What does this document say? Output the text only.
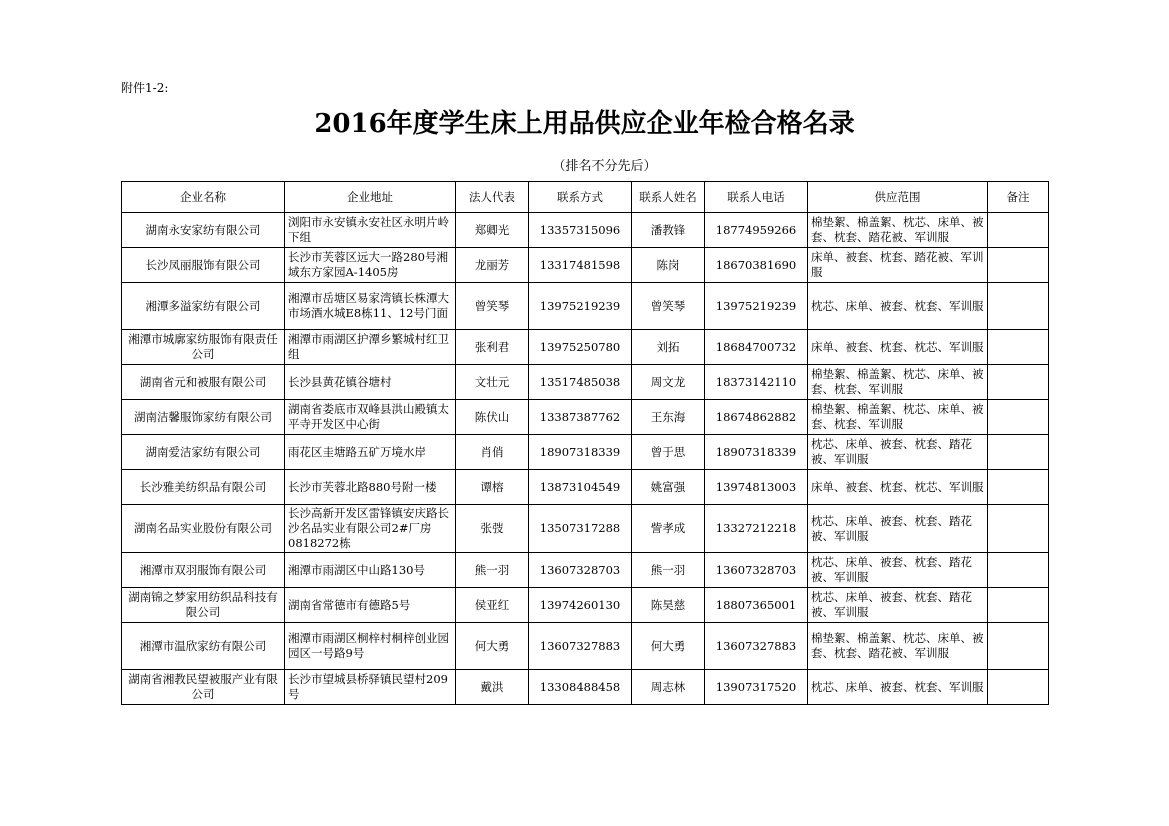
附件1-2:
2016年度学生床上用品供应企业年检合格名录
（排名不分先后）
企业名称	企业地址	法人代表	联系方式	联系人姓名	联系人电话	供应范围	备注
湖南永安家纺有限公司	浏阳市永安镇永安社区永明片岭下组	郑卿光	13357315096	潘教锋	18774959266	棉垫絮、棉盖絮、枕芯、床单、被套、枕套、踏花被、军训服	
长沙凤丽服饰有限公司	长沙市芙蓉区远大一路280号湘域东方家园A-1405房	龙丽芳	13317481598	陈岗	18670381690	床单、被套、枕套、踏花被、军训服	
湘潭多溢家纺有限公司	湘潭市岳塘区易家湾镇长株潭大市场酒水城E8栋11、12号门面	曾笑琴	13975219239	曾笑琴	13975219239	枕芯、床单、被套、枕套、军训服	
湘潭市城廓家纺服饰有限责任公司	湘潭市雨湖区护潭乡繁城村红卫组	张利君	13975250780	刘拓	18684700732	床单、被套、枕套、枕芯、军训服	
湖南省元和被服有限公司	长沙县黄花镇谷塘村	文壮元	13517485038	周文龙	18373142110	棉垫絮、棉盖絮、枕芯、床单、被套、枕套、军训服	
湖南洁馨服饰家纺有限公司	湖南省娄底市双峰县洪山殿镇太平寺开发区中心街	陈伏山	13387387762	王东海	18674862882	棉垫絮、棉盖絮、枕芯、床单、被套、枕套、军训服	
湖南爱洁家纺有限公司	雨花区圭塘路五矿万境水岸	肖俏	18907318339	曾于思	18907318339	枕芯、床单、被套、枕套、踏花被、军训服	
长沙雅美纺织品有限公司	长沙市芙蓉北路880号附一楼	谭榕	13873104549	姚富强	13974813003	床单、被套、枕套、枕芯、军训服	
湖南名品实业股份有限公司	长沙高新开发区雷锋镇安庆路长沙名品实业有限公司2#厂房0818272栋	张弢	13507317288	訾孝成	13327212218	枕芯、床单、被套、枕套、踏花被、军训服	
湘潭市双羽服饰有限公司	湘潭市雨湖区中山路130号	熊一羽	13607328703	熊一羽	13607328703	枕芯、床单、被套、枕套、踏花被、军训服	
湖南锦之梦家用纺织品科技有限公司	湖南省常德市有德路5号	侯亚红	13974260130	陈昊慈	18807365001	枕芯、床单、被套、枕套、踏花被、军训服	
湘潭市温欣家纺有限公司	湘潭市雨湖区桐梓村桐梓创业园园区一号路9号	何大勇	13607327883	何大勇	13607327883	棉垫絮、棉盖絮、枕芯、床单、被套、枕套、踏花被、军训服	
湖南省湘教民望被服产业有限公司	长沙市望城县桥驿镇民望村209号	戴洪	13308488458	周志林	13907317520	枕芯、床单、被套、枕套、军训服	
